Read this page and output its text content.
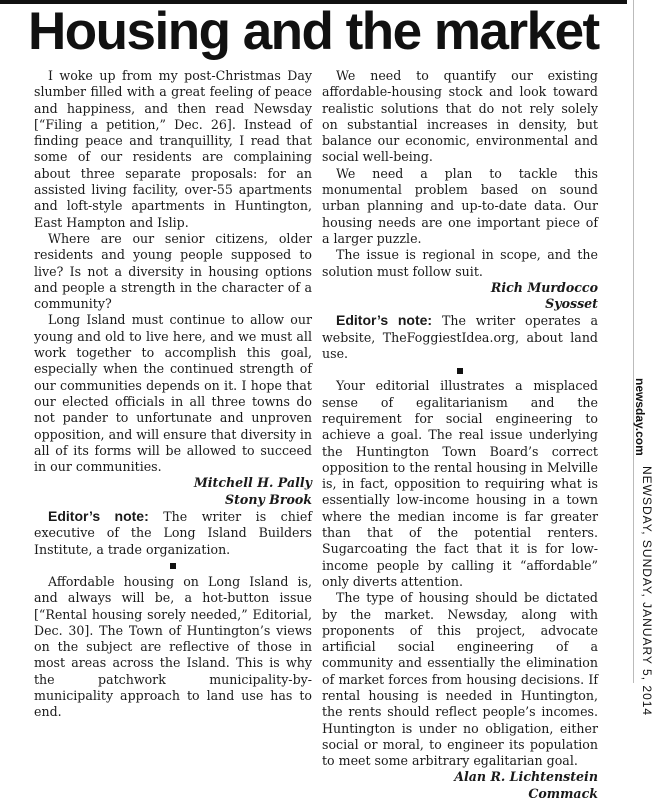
Housing and the market

I woke up from my post-Christmas Day slumber filled with a great feeling of peace and happiness, and then read Newsday [“Filing a petition,” Dec. 26]. Instead of finding peace and tranquillity, I read that some of our residents are complaining about three separate proposals: for an assisted living facility, over-55 apartments and loft-style apartments in Huntington, East Hampton and Islip.

Where are our senior citizens, older residents and young people supposed to live? Is not a diversity in housing options and people a strength in the character of a community?

Long Island must continue to allow our young and old to live here, and we must all work together to accomplish this goal, especially when the continued strength of our communities depends on it. I hope that our elected officials in all three towns do not pander to unfortunate and unproven opposition, and will ensure that diversity in all of its forms will be allowed to succeed in our communities.

Mitchell H. Pally

Stony Brook

Editor’s note: The writer is chief executive of the Long Island Builders Institute, a trade organization.

Affordable housing on Long Island is, and always will be, a hot-button issue [“Rental housing sorely needed,” Editorial, Dec. 30]. The Town of Huntington’s views on the subject are reflective of those in most areas across the Island. This is why the patchwork municipality-by-municipality approach to land use has to end.

We need to quantify our existing affordable-housing stock and look toward realistic solutions that do not rely solely on substantial increases in density, but balance our economic, environmental and social well-being.

We need a plan to tackle this monumental problem based on sound urban planning and up-to-date data. Our housing needs are one important piece of a larger puzzle.

The issue is regional in scope, and the solution must follow suit.

Rich Murdocco

Syosset

Editor’s note: The writer operates a website, TheFoggiestIdea.org, about land use.

Your editorial illustrates a misplaced sense of egalitarianism and the requirement for social engineering to achieve a goal. The real issue underlying the Huntington Town Board’s correct opposition to the rental housing in Melville is, in fact, opposition to requiring what is essentially low-income housing in a town where the median income is far greater than that of the potential renters. Sugarcoating the fact that it is for low-income people by calling it “affordable” only diverts attention.

The type of housing should be dictated by the market. Newsday, along with proponents of this project, advocate artificial social engineering of a community and essentially the elimination of market forces from housing decisions. If rental housing is needed in Huntington, the rents should reflect people’s incomes. Huntington is under no obligation, either social or moral, to engineer its population to meet some arbitrary egalitarian goal.

Alan R. Lichtenstein

Commack

newsday.com
NEWSDAY, SUNDAY, JANUARY 5, 2014
